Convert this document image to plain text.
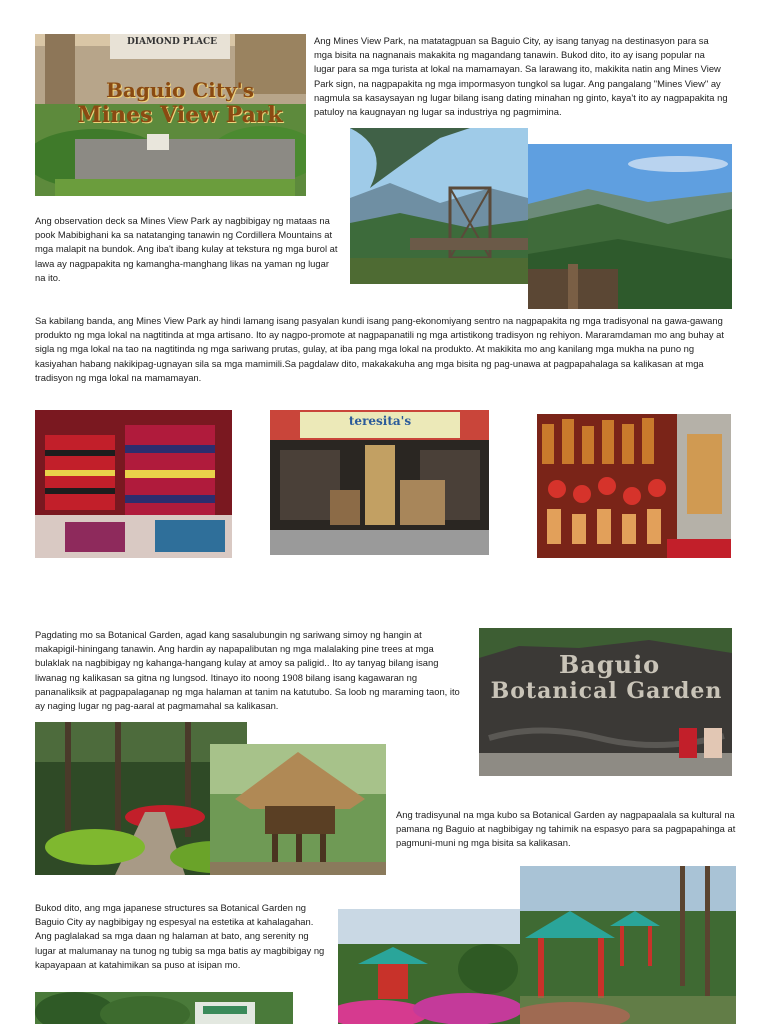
DIAMOND PLACE
Baguio City's
Mines View Park

Ang Mines View Park, na matatagpuan sa Baguio City, ay isang tanyag na destinasyon para sa mga bisita na nagnanais makakita ng magandang tanawin. Bukod dito, ito ay isang popular na lugar para sa mga turista at lokal na mamamayan. Sa larawang ito, makikita natin ang Mines View Park sign, na nagpapakita ng mga impormasyon tungkol sa lugar. Ang pangalang "Mines View" ay nagmula sa kasaysayan ng lugar bilang isang dating minahan ng ginto, kaya't ito ay nagpapakita ng patuloy na kaugnayan ng lugar sa industriya ng pagmimina.

Ang observation deck sa Mines View Park ay nagbibigay ng mataas na pook Mabibighani ka sa natatanging tanawin ng Cordillera Mountains at mga malapit na bundok. Ang iba't ibang kulay at tekstura ng mga burol at lawa ay nagpapakita ng kamangha-manghang likas na yaman ng lugar na ito.

Sa kabilang banda, ang Mines View Park ay hindi lamang isang pasyalan kundi isang pang-ekonomiyang sentro na nagpapakita ng mga tradisyonal na gawa-gawang produkto ng mga lokal na nagtitinda at mga artisano. Ito ay nagpo-promote at nagpapanatili ng mga artistikong tradisyon ng rehiyon. Mararamdaman mo ang buhay at sigla ng mga lokal na tao na nagtitinda ng mga sariwang prutas, gulay, at iba pang mga lokal na produkto. At makikita mo ang kanilang mga mukha na puno ng kasiyahan habang nakikipag-ugnayan sila sa mga mamimili.Sa pagdalaw dito, makakakuha ang mga bisita ng pag-unawa at pagpapahalaga sa kalikasan at mga tradisyon ng mga lokal na mamamayan.

teresita's

Pagdating mo sa Botanical Garden, agad kang sasalubungin ng sariwang simoy ng hangin at makapigil-hiningang tanawin. Ang hardin ay napapalibutan ng mga malalaking pine trees at mga bulaklak na nagbibigay ng kahanga-hangang kulay at amoy sa paligid.. Ito ay tanyag bilang isang liwanag ng kalikasan sa gitna ng lungsod. Itinayo ito noong 1908 bilang isang kagawaran ng pananaliksik at pagpapalaganap ng mga halaman at tanim na katutubo. Sa loob ng maraming taon, ito ay naging lugar ng pag-aaral at pagmamahal sa kalikasan.

Baguio
Botanical Garden

Ang tradisyunal na mga kubo sa Botanical Garden ay nagpapaalala sa kultural na pamana ng Baguio at nagbibigay ng tahimik na espasyo para sa pagpapahinga at pagmuni-muni ng mga bisita sa kalikasan.

Bukod dito, ang mga japanese structures sa Botanical Garden ng Baguio City ay nagbibigay ng espesyal na estetika at kahalagahan. Ang paglalakad sa mga daan ng halaman at bato, ang serenity ng lugar at malumanay na tunog ng tubig sa mga batis ay magbibigay ng kapayapaan at katahimikan sa puso at isipan mo.
